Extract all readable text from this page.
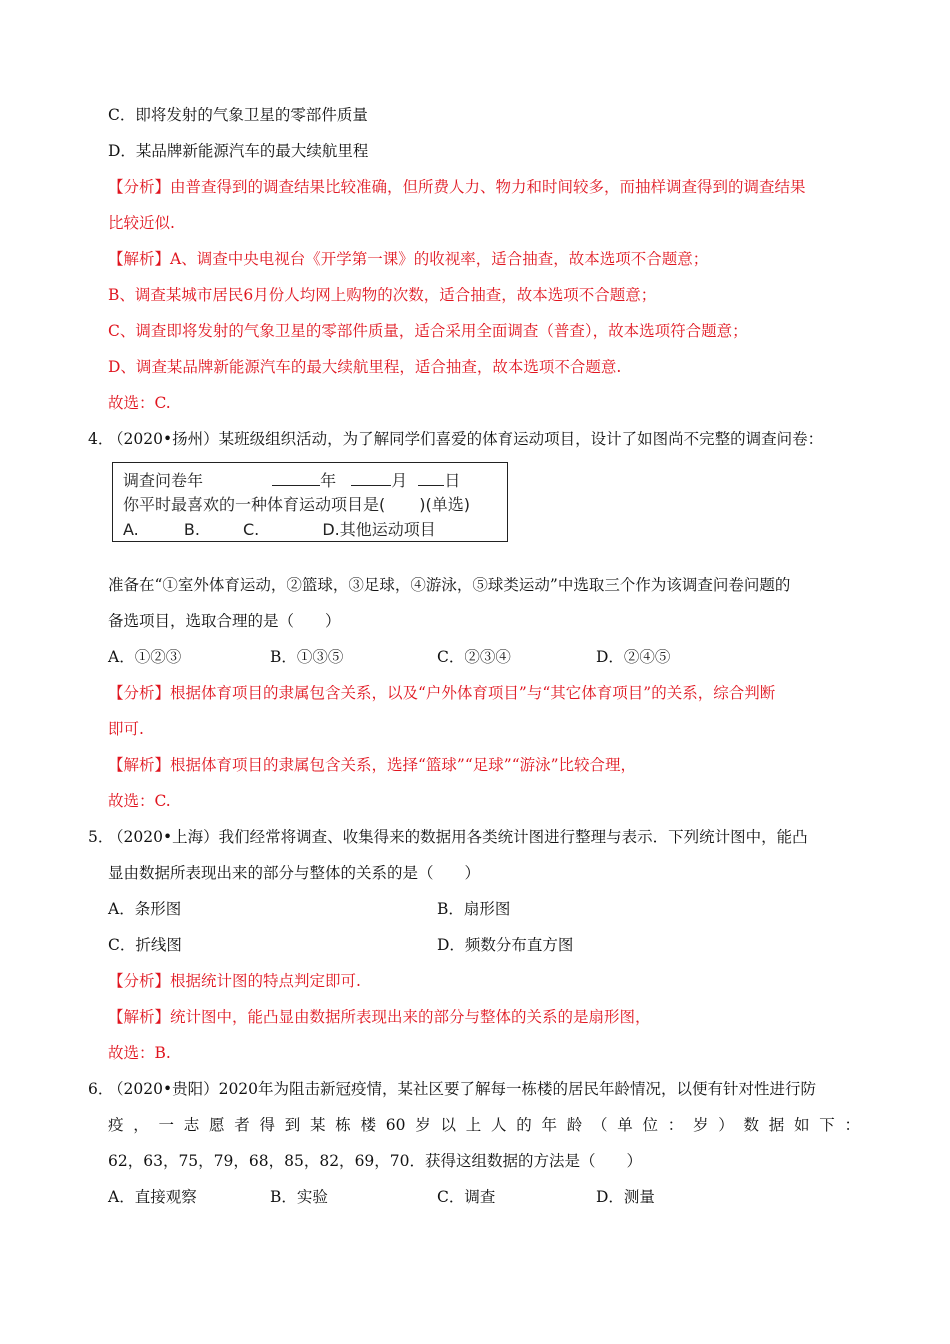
C．即将发射的气象卫星的零部件质量
D．某品牌新能源汽车的最大续航里程
【分析】由普查得到的调查结果比较准确，但所费人力、物力和时间较多，而抽样调查得到的调查结果
比较近似.
【解析】A、调查中央电视台《开学第一课》的收视率，适合抽查，故本选项不合题意；
B、调查某城市居民6月份人均网上购物的次数，适合抽查，故本选项不合题意；
C、调查即将发射的气象卫星的零部件质量，适合采用全面调查（普查），故本选项符合题意；
D、调查某品牌新能源汽车的最大续航里程，适合抽查，故本选项不合题意.
故选：C.
4．
（2020•扬州）某班级组织活动，为了解同学们喜爱的体育运动项目，设计了如图尚不完整的调查问卷：
调查问卷年	年	月 日
你平时最喜欢的一种体育运动项目是( )(单选)
A.	B.	C.	D.其他运动项目
准备在“①室外体育运动，②篮球，③足球，④游泳，⑤球类运动”中选取三个作为该调查问卷问题的
备选项目，选取合理的是（　　）
A．①②③	B．①③⑤	C．②③④	D．②④⑤
【分析】根据体育项目的隶属包含关系，以及“户外体育项目”与“其它体育项目”的关系，综合判断
即可.
【解析】根据体育项目的隶属包含关系，选择“篮球”“足球”“游泳”比较合理，
故选：C.
5．
（2020•上海）我们经常将调查、收集得来的数据用各类统计图进行整理与表示．下列统计图中，能凸
显由数据所表现出来的部分与整体的关系的是（　　）
A．条形图	B．扇形图
C．折线图	D．频数分布直方图
【分析】根据统计图的特点判定即可.
【解析】统计图中，能凸显由数据所表现出来的部分与整体的关系的是扇形图，
故选：B.
6．
（2020•贵阳）2020年为阻击新冠疫情，某社区要了解每一栋楼的居民年龄情况，以便有针对性进行防
疫 ， 一 志 愿 者 得 到 某 栋 楼 60 岁 以 上 人 的 年 龄 （ 单 位 ： 岁 ） 数 据 如 下 ：
62，63，75，79，68，85，82，69，70．获得这组数据的方法是（　　）
A．直接观察	B．实验	C．调查	D．测量
